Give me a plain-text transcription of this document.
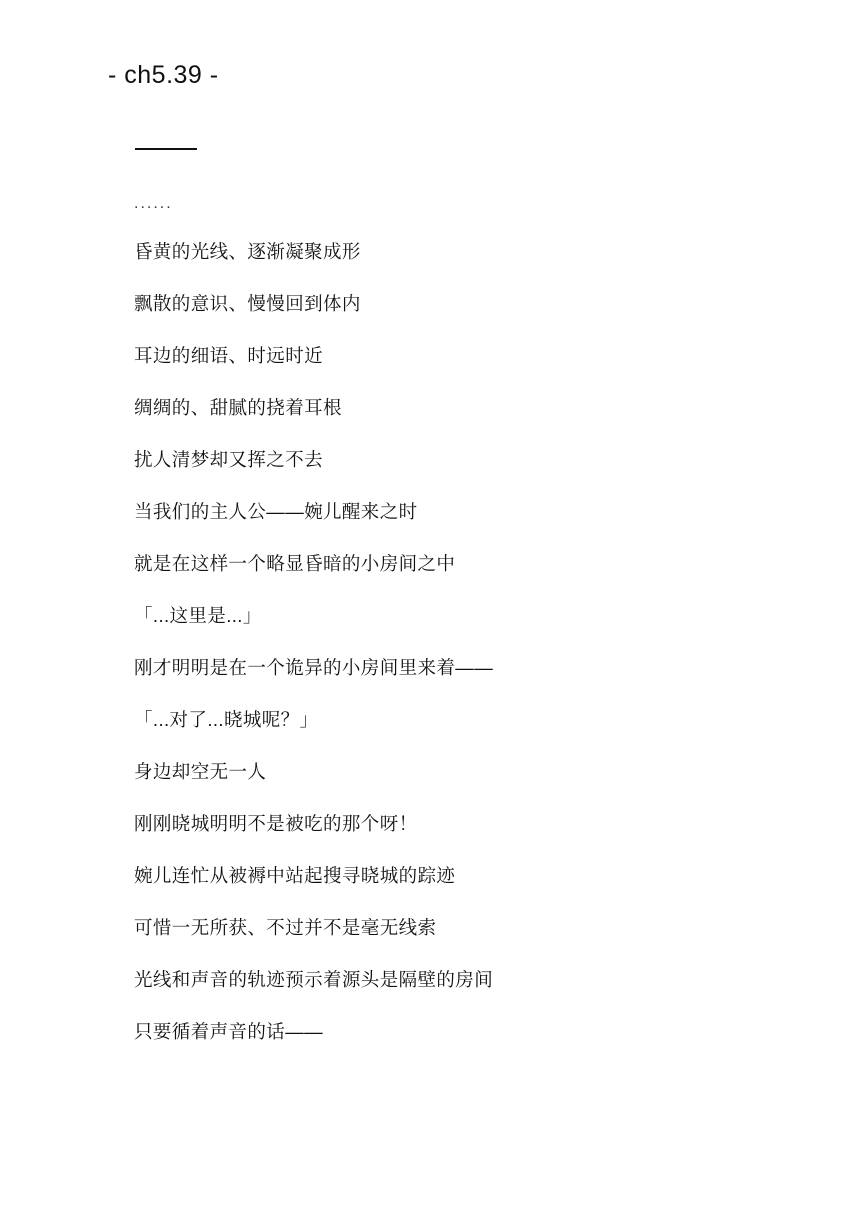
- ch5.39 -

......

昏黄的光线、逐渐凝聚成形

飘散的意识、慢慢回到体内

耳边的细语、时远时近

绸绸的、甜腻的挠着耳根

扰人清梦却又挥之不去

当我们的主人公——婉儿醒来之时

就是在这样一个略显昏暗的小房间之中

「...这里是...」

刚才明明是在一个诡异的小房间里来着——

「...对了...晓城呢？」

身边却空无一人

刚刚晓城明明不是被吃的那个呀！

婉儿连忙从被褥中站起搜寻晓城的踪迹

可惜一无所获、不过并不是毫无线索

光线和声音的轨迹预示着源头是隔壁的房间

只要循着声音的话——
